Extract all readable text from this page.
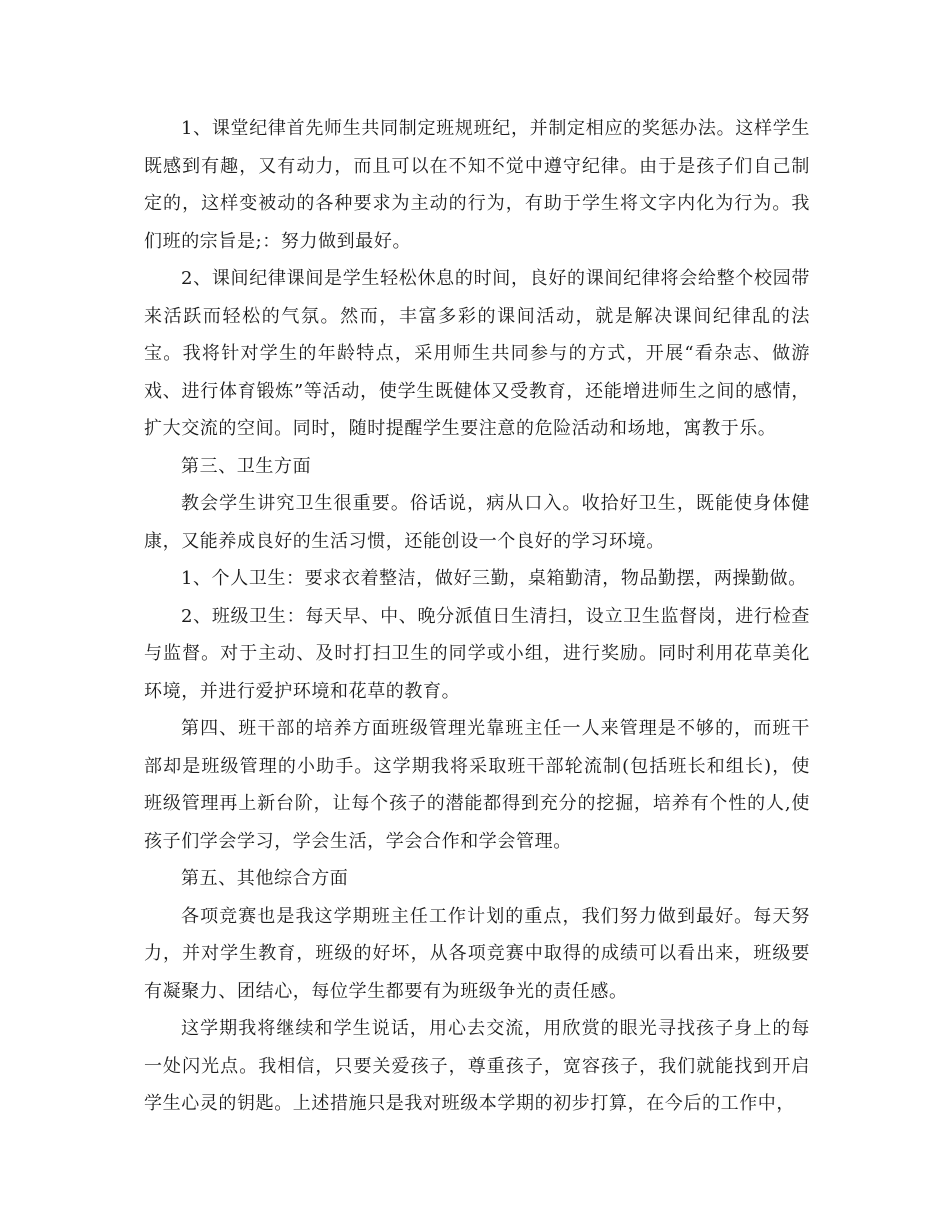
1、课堂纪律首先师生共同制定班规班纪，并制定相应的奖惩办法。这样学生既感到有趣，又有动力，而且可以在不知不觉中遵守纪律。由于是孩子们自己制定的，这样变被动的各种要求为主动的行为，有助于学生将文字内化为行为。我们班的宗旨是;：努力做到最好。

2、课间纪律课间是学生轻松休息的时间，良好的课间纪律将会给整个校园带来活跃而轻松的气氛。然而，丰富多彩的课间活动，就是解决课间纪律乱的法宝。我将针对学生的年龄特点，采用师生共同参与的方式，开展“看杂志、做游戏、进行体育锻炼”等活动，使学生既健体又受教育，还能增进师生之间的感情，扩大交流的空间。同时，随时提醒学生要注意的危险活动和场地，寓教于乐。

第三、卫生方面

教会学生讲究卫生很重要。俗话说，病从口入。收拾好卫生，既能使身体健康，又能养成良好的生活习惯，还能创设一个良好的学习环境。

1、个人卫生：要求衣着整洁，做好三勤，桌箱勤清，物品勤摆，两操勤做。

2、班级卫生：每天早、中、晚分派值日生清扫，设立卫生监督岗，进行检查与监督。对于主动、及时打扫卫生的同学或小组，进行奖励。同时利用花草美化环境，并进行爱护环境和花草的教育。

第四、班干部的培养方面班级管理光靠班主任一人来管理是不够的，而班干部却是班级管理的小助手。这学期我将采取班干部轮流制(包括班长和组长)，使班级管理再上新台阶，让每个孩子的潜能都得到充分的挖掘，培养有个性的人,使孩子们学会学习，学会生活，学会合作和学会管理。

第五、其他综合方面

各项竞赛也是我这学期班主任工作计划的重点，我们努力做到最好。每天努力，并对学生教育，班级的好坏，从各项竞赛中取得的成绩可以看出来，班级要有凝聚力、团结心，每位学生都要有为班级争光的责任感。

这学期我将继续和学生说话，用心去交流，用欣赏的眼光寻找孩子身上的每一处闪光点。我相信，只要关爱孩子，尊重孩子，宽容孩子，我们就能找到开启学生心灵的钥匙。上述措施只是我对班级本学期的初步打算，在今后的工作中，
